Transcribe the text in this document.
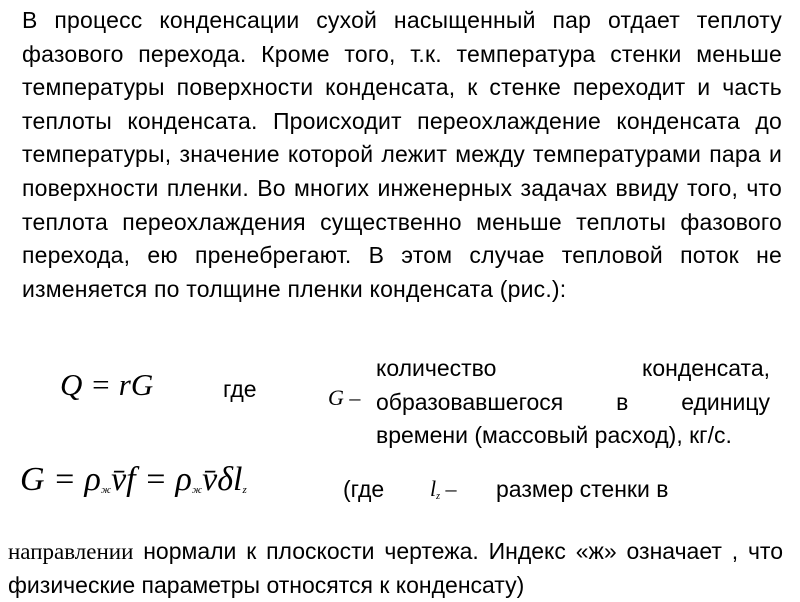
В процесс конденсации сухой насыщенный пар отдает теплоту фазового перехода. Кроме того, т.к. температура стенки меньше температуры поверхности конденсата, к стенке переходит и часть теплоты конденсата. Происходит переохлаждение конденсата до температуры, значение которой лежит между температурами пара и поверхности пленки. Во многих инженерных задачах ввиду того, что теплота переохлаждения существенно меньше теплоты фазового перехода, ею пренебрегают. В этом случае тепловой поток не изменяется по толщине пленки конденсата (рис.):

Q = rG	где	G –

количество конденсата, образовавшегося в единицу времени (массовый расход), кг/с.

$G = \rho_жv̄f$ = $\rho_жv̄\delta l_z$	(где $l_z$ – размер стенки в

направлении нормали к плоскости чертежа. Индекс «ж» означает , что физические параметры относятся к конденсату)
